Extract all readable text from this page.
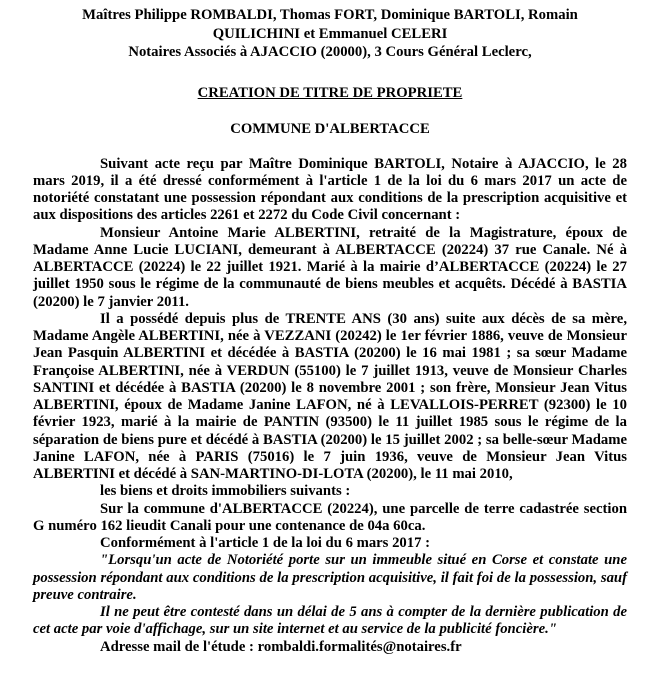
Maîtres Philippe ROMBALDI, Thomas FORT, Dominique BARTOLI, Romain
QUILICHINI et Emmanuel CELERI
Notaires Associés à AJACCIO (20000), 3 Cours Général Leclerc,
CREATION DE TITRE DE PROPRIETE
COMMUNE D'ALBERTACCE

Suivant acte reçu par Maître Dominique BARTOLI, Notaire à AJACCIO, le 28 mars 2019, il a été dressé conformément à l'article 1 de la loi du 6 mars 2017 un acte de notoriété constatant une possession répondant aux conditions de la prescription acquisitive et aux dispositions des articles 2261 et 2272 du Code Civil concernant :

Monsieur Antoine Marie ALBERTINI, retraité de la Magistrature, époux de Madame Anne Lucie LUCIANI, demeurant à ALBERTACCE (20224) 37 rue Canale. Né à ALBERTACCE (20224) le 22 juillet 1921. Marié à la mairie d’ALBERTACCE (20224) le 27 juillet 1950 sous le régime de la communauté de biens meubles et acquêts. Décédé à BASTIA (20200) le 7 janvier 2011.

Il a possédé depuis plus de TRENTE ANS (30 ans) suite aux décès de sa mère, Madame Angèle ALBERTINI, née à VEZZANI (20242) le 1er février 1886, veuve de Monsieur Jean Pasquin ALBERTINI et décédée à BASTIA (20200) le 16 mai 1981 ; sa sœur Madame Françoise ALBERTINI, née à VERDUN (55100) le 7 juillet 1913, veuve de Monsieur Charles SANTINI et décédée à BASTIA (20200) le 8 novembre 2001 ; son frère, Monsieur Jean Vitus ALBERTINI, époux de Madame Janine LAFON, né à LEVALLOIS-PERRET (92300) le 10 février 1923, marié à la mairie de PANTIN (93500) le 11 juillet 1985 sous le régime de la séparation de biens pure et décédé à BASTIA (20200) le 15 juillet 2002 ; sa belle-sœur Madame Janine LAFON, née à PARIS (75016) le 7 juin 1936, veuve de Monsieur Jean Vitus ALBERTINI et décédé à SAN-MARTINO-DI-LOTA (20200), le 11 mai 2010,

les biens et droits immobiliers suivants :

Sur la commune d'ALBERTACCE (20224), une parcelle de terre cadastrée section G numéro 162 lieudit Canali pour une contenance de 04a 60ca.

Conformément à l'article 1 de la loi du 6 mars 2017 :

"Lorsqu'un acte de Notoriété porte sur un immeuble situé en Corse et constate une possession répondant aux conditions de la prescription acquisitive, il fait foi de la possession, sauf preuve contraire.

Il ne peut être contesté dans un délai de 5 ans à compter de la dernière publication de cet acte par voie d'affichage, sur un site internet et au service de la publicité foncière."

Adresse mail de l'étude : rombaldi.formalités@notaires.fr
